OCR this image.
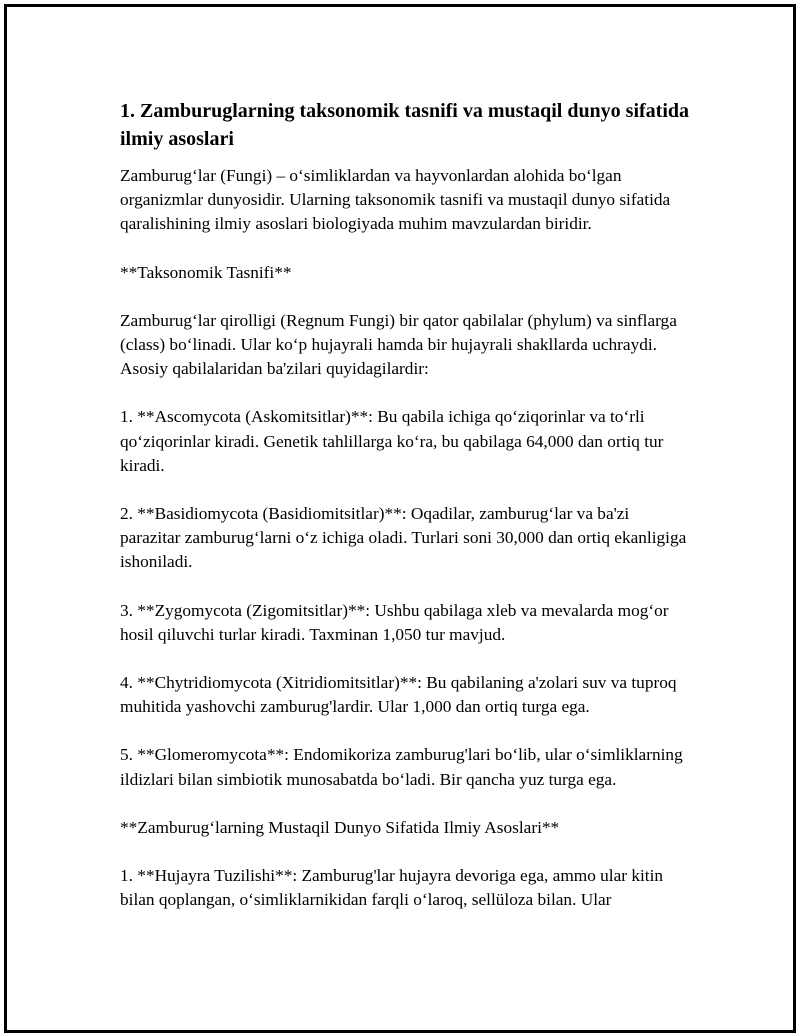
1. Zamburuglarning taksonomik tasnifi va mustaqil dunyo sifatida ilmiy asoslari

Zamburug‘lar (Fungi) – o‘simliklardan va hayvonlardan alohida bo‘lgan organizmlar dunyosidir. Ularning taksonomik tasnifi va mustaqil dunyo sifatida qaralishining ilmiy asoslari biologiyada muhim mavzulardan biridir.

**Taksonomik Tasnifi**

Zamburug‘lar qirolligi (Regnum Fungi) bir qator qabilalar (phylum) va sinflarga (class) bo‘linadi. Ular ko‘p hujayrali hamda bir hujayrali shakllarda uchraydi. Asosiy qabilalaridan ba'zilari quyidagilardir:

1. **Ascomycota (Askomitsitlar)**: Bu qabila ichiga qo‘ziqorinlar va to‘rli qo‘ziqorinlar kiradi. Genetik tahlillarga ko‘ra, bu qabilaga 64,000 dan ortiq tur kiradi.

2. **Basidiomycota (Basidiomitsitlar)**: Oqadilar, zamburug‘lar va ba'zi parazitar zamburug‘larni o‘z ichiga oladi. Turlari soni 30,000 dan ortiq ekanligiga ishoniladi.

3. **Zygomycota (Zigomitsitlar)**: Ushbu qabilaga xleb va mevalarda mog‘or hosil qiluvchi turlar kiradi. Taxminan 1,050 tur mavjud.

4. **Chytridiomycota (Xitridiomitsitlar)**: Bu qabilaning a'zolari suv va tuproq muhitida yashovchi zamburug'lardir. Ular 1,000 dan ortiq turga ega.

5. **Glomeromycota**: Endomikoriza zamburug'lari bo‘lib, ular o‘simliklarning ildizlari bilan simbiotik munosabatda bo‘ladi. Bir qancha yuz turga ega.

**Zamburug‘larning Mustaqil Dunyo Sifatida Ilmiy Asoslari**

1. **Hujayra Tuzilishi**: Zamburug'lar hujayra devoriga ega, ammo ular kitin bilan qoplangan, o‘simliklarnikidan farqli o‘laroq, sellüloza bilan. Ular
